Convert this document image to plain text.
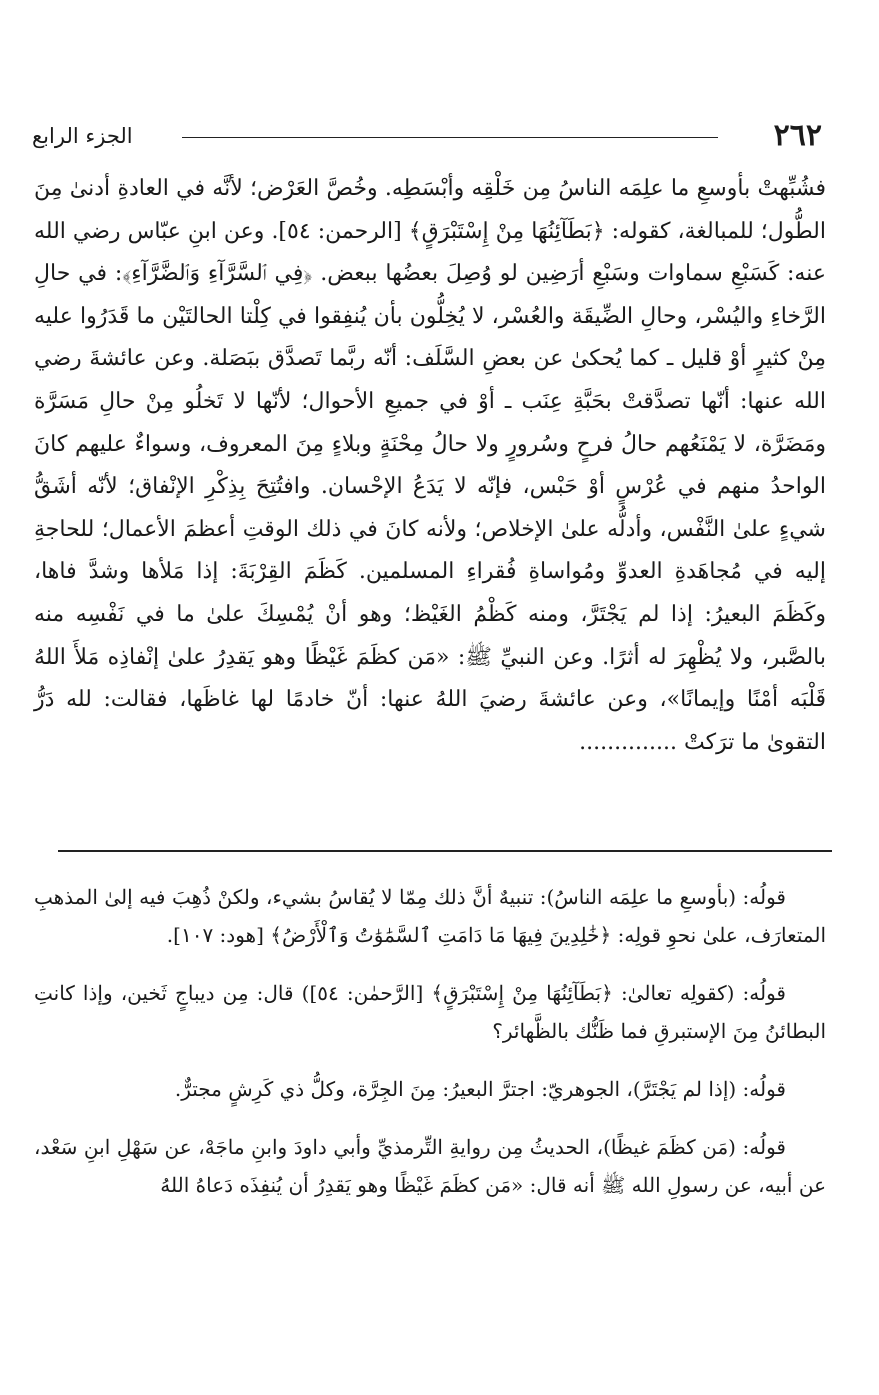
٢٦٢
الجزء الرابع

فشُبِّهتْ بأوسعِ ما علِمَه الناسُ مِن خَلْقِه وأبْسَطِه. وخُصَّ العَرْض؛ لأنَّه في العادةِ أدنىٰ مِنَ الطُّول؛ للمبالغة، كقوله: ﴿بَطَآئِنُهَا مِنْ إِسْتَبْرَقٍ﴾ [الرحمن: ٥٤]. وعن ابنِ عبّاس رضي الله عنه: كَسَبْعِ سماوات وسَبْعِ أرَضِين لو وُصِلَ بعضُها ببعض. ﴿فِي ٱلسَّرَّآءِ وَٱلضَّرَّآءِ﴾: في حالِ الرَّخاءِ واليُسْر، وحالِ الضِّيقَة والعُسْر، لا يُخِلُّون بأن يُنفِقوا في كِلْتا الحالتَيْن ما قَدَرُوا عليه مِنْ كثيرٍ أوْ قليل ـ كما يُحكىٰ عن بعضِ السَّلَف: أنّه ربَّما تَصدَّق ببَصَلة. وعن عائشةَ رضي الله عنها: أنّها تصدَّقتْ بحَبَّةِ عِنَب ـ أوْ في جميعِ الأحوال؛ لأنّها لا تَخلُو مِنْ حالِ مَسَرَّة ومَضَرَّة، لا يَمْنَعُهم حالُ فرحٍ وسُرورٍ ولا حالُ مِحْنَةٍ وبلاءٍ مِنَ المعروف، وسواءٌ عليهم كانَ الواحدُ منهم في عُرْسٍ أوْ حَبْس، فإنّه لا يَدَعُ الإحْسان. وافتُتِحَ بِذِكْرِ الإنْفاق؛ لأنّه أشَقُّ شيءٍ علىٰ النَّفْس، وأدلُّه علىٰ الإخلاص؛ ولأنه كانَ في ذلك الوقتِ أعظمَ الأعمال؛ للحاجةِ إليه في مُجاهَدةِ العدوِّ ومُواساةِ فُقراءِ المسلمين. كَظَمَ القِرْبَةَ: إذا مَلأها وشدَّ فاها، وكَظَمَ البعيرُ: إذا لم يَجْتَرَّ، ومنه كَظْمُ الغَيْظ؛ وهو أنْ يُمْسِكَ علىٰ ما في نَفْسِه منه بالصَّبر، ولا يُظْهِرَ له أثرًا. وعن النبيِّ ﷺ: «مَن كظَمَ غَيْظًا وهو يَقدِرُ علىٰ إنْفاذِه مَلأَ اللهُ قَلْبَه أمْنًا وإيمانًا»، وعن عائشةَ رضيَ اللهُ عنها: أنّ خادمًا لها غاظَها، فقالت: لله دَرُّ التقوىٰ ما ترَكتْ ..............

قولُه: (بأوسعِ ما علِمَه الناسُ): تنبيهٌ أنَّ ذلك مِمّا لا يُقاسُ بشيء، ولكنْ ذُهِبَ فيه إلىٰ المذهبِ المتعارَف، علىٰ نحوِ قولِه: ﴿خَٰلِدِينَ فِيهَا مَا دَامَتِ ٱلسَّمَٰوَٰتُ وَٱلْأَرْضُ﴾ [هود: ١٠٧].

قولُه: (كقولِه تعالىٰ: ﴿بَطَآئِنُهَا مِنْ إِسْتَبْرَقٍ﴾ [الرَّحمٰن: ٥٤]) قال: مِن ديباجٍ ثَخين، وإذا كانتِ البطائنُ مِنَ الإستبرقِ فما ظَنُّك بالظَّهائر؟

قولُه: (إذا لم يَجْتَرَّ)، الجوهريّ: اجترَّ البعيرُ: مِنَ الجِرَّة، وكلُّ ذي كَرِشٍ مجترٌّ.

قولُه: (مَن كظَمَ غيظًا)، الحديثُ مِن روايةِ التِّرمذيِّ وأبي داودَ وابنِ ماجَهْ، عن سَهْلِ ابنِ سَعْد، عن أبيه، عن رسولِ الله ﷺ أنه قال: «مَن كظَمَ غَيْظًا وهو يَقدِرُ أن يُنفِذَه دَعاهُ اللهُ
